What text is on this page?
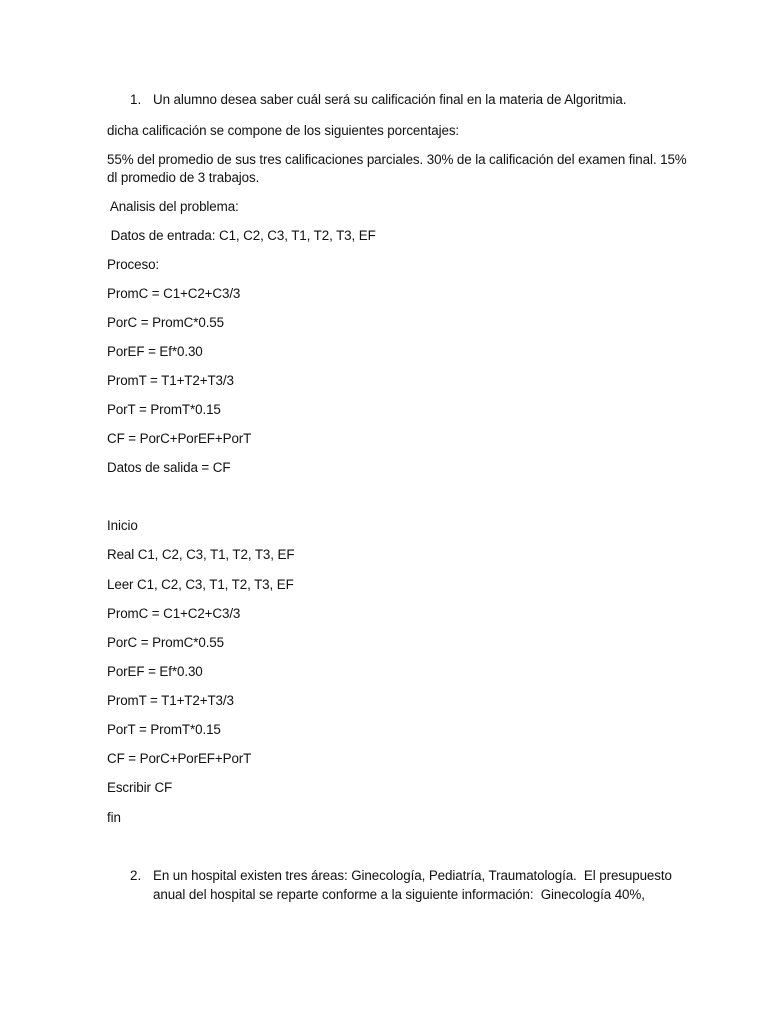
1. Un alumno desea saber cuál será su calificación final en la materia de Algoritmia.
dicha calificación se compone de los siguientes porcentajes:
55% del promedio de sus tres calificaciones parciales. 30% de la calificación del examen final. 15%
dl promedio de 3 trabajos.
Analisis del problema:
Datos de entrada: C1, C2, C3, T1, T2, T3, EF
Proceso:
PromC = C1+C2+C3/3
PorC = PromC*0.55
PorEF = Ef*0.30
PromT = T1+T2+T3/3
PorT = PromT*0.15
CF = PorC+PorEF+PorT
Datos de salida = CF
Inicio
Real C1, C2, C3, T1, T2, T3, EF
Leer C1, C2, C3, T1, T2, T3, EF
PromC = C1+C2+C3/3
PorC = PromC*0.55
PorEF = Ef*0.30
PromT = T1+T2+T3/3
PorT = PromT*0.15
CF = PorC+PorEF+PorT
Escribir CF
fin
2. En un hospital existen tres áreas: Ginecología, Pediatría, Traumatología.  El presupuesto
anual del hospital se reparte conforme a la siguiente información:  Ginecología 40%,
